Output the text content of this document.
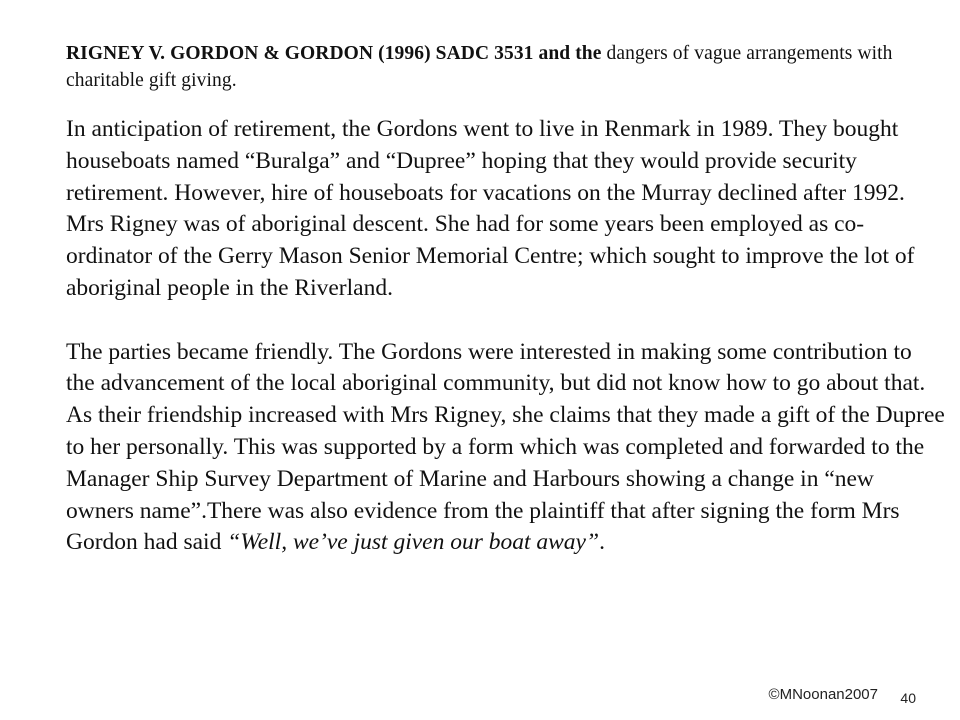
RIGNEY V. GORDON & GORDON (1996) SADC 3531 and the dangers of vague arrangements with charitable gift giving.

In anticipation of retirement, the Gordons went to live in Renmark in 1989. They bought houseboats named “Buralga” and “Dupree” hoping that they would provide security retirement. However, hire of houseboats for vacations on the Murray declined after 1992.

Mrs Rigney was of aboriginal descent. She had for some years been employed as co-ordinator of the Gerry Mason Senior Memorial Centre; which sought to improve the lot of aboriginal people in the Riverland.

The parties became friendly. The Gordons were interested in making some contribution to the advancement of the local aboriginal community, but did not know how to go about that. As their friendship increased with Mrs Rigney, she claims that they made a gift of the Dupree to her personally. This was supported by a form which was completed and forwarded to the Manager Ship Survey Department of Marine and Harbours showing a change in “new owners name”.There was also evidence from the plaintiff that after signing the form Mrs Gordon had said “Well, we’ve just given our boat away”.

©MNoonan2007 40
